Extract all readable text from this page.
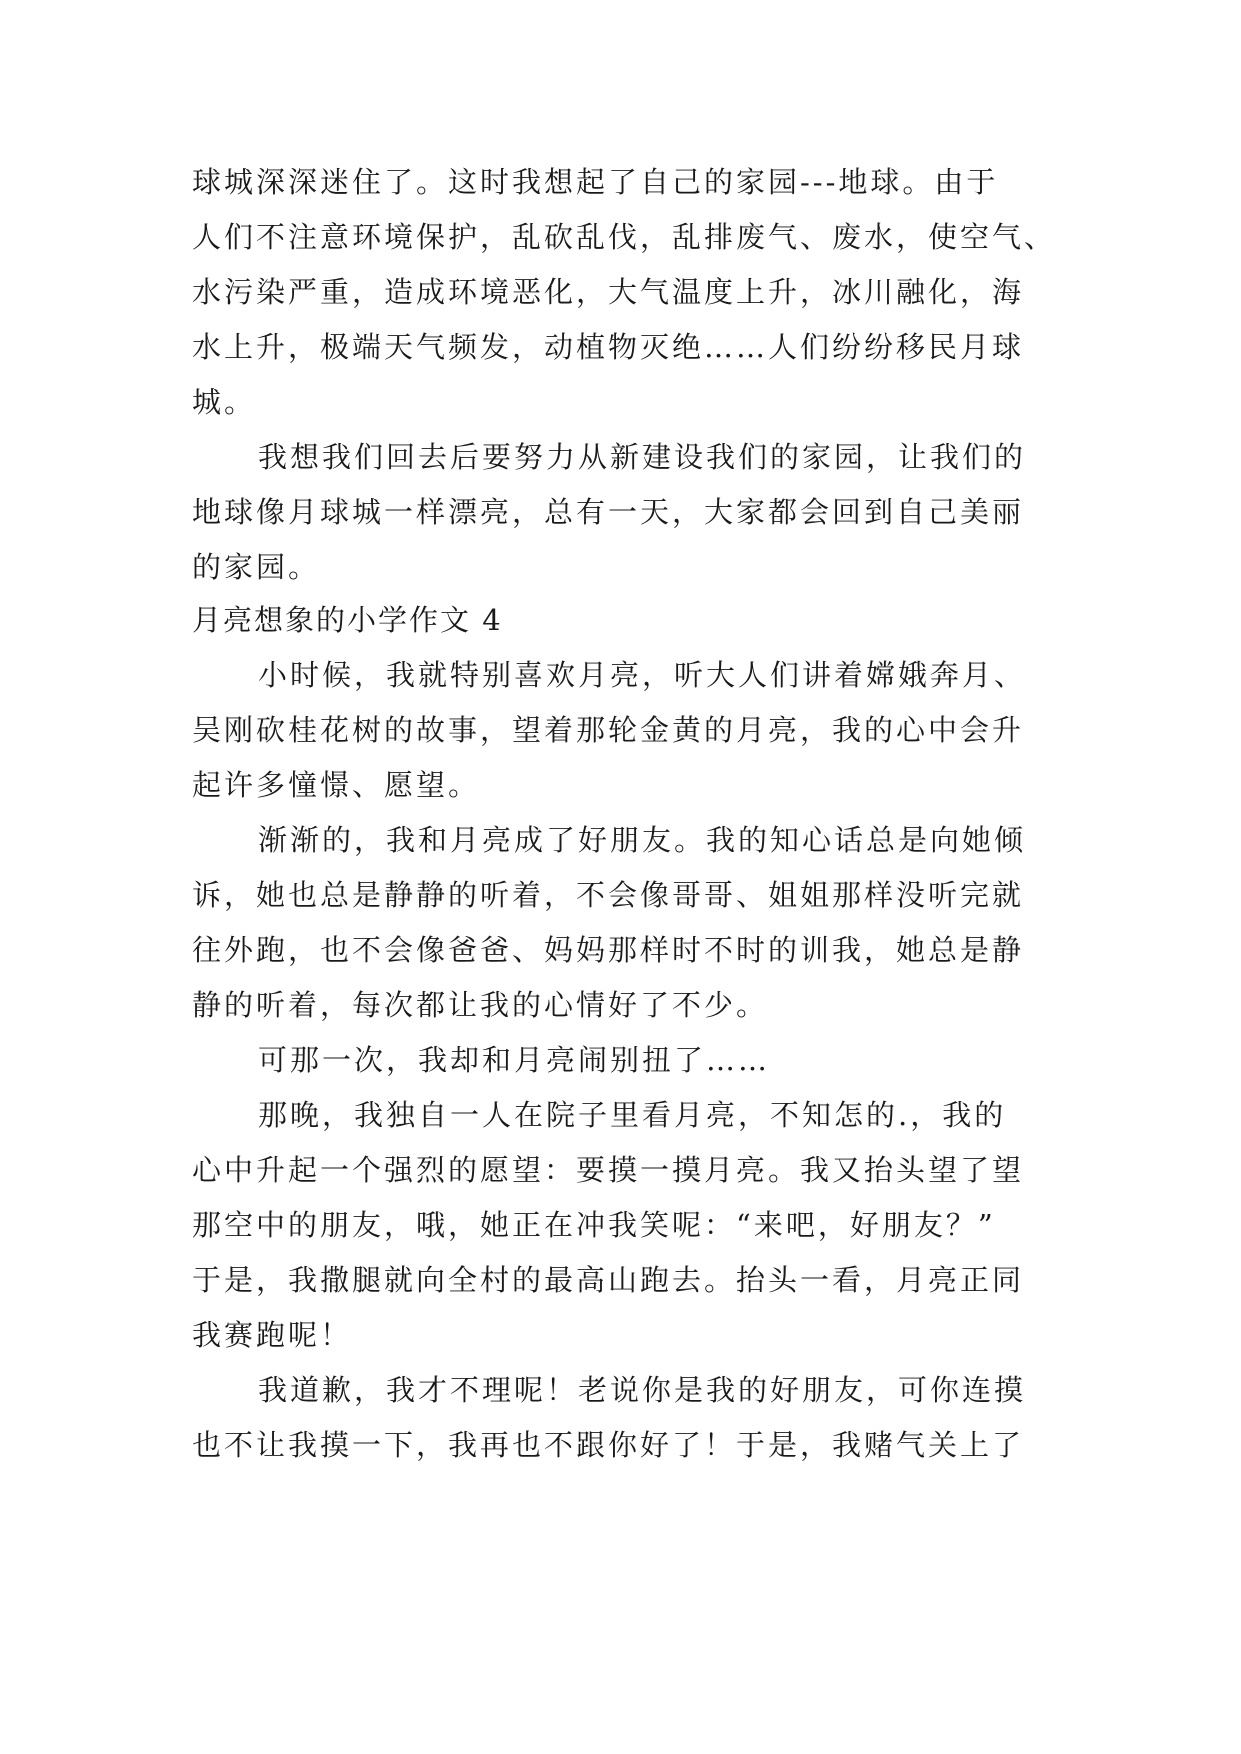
球城深深迷住了。这时我想起了自己的家园---地球。由于
人们不注意环境保护，乱砍乱伐，乱排废气、废水，使空气、
水污染严重，造成环境恶化，大气温度上升，冰川融化，海
水上升，极端天气频发，动植物灭绝……人们纷纷移民月球
城。
我想我们回去后要努力从新建设我们的家园，让我们的
地球像月球城一样漂亮，总有一天，大家都会回到自己美丽
的家园。
月亮想象的小学作文 4
小时候，我就特别喜欢月亮，听大人们讲着嫦娥奔月、
吴刚砍桂花树的故事，望着那轮金黄的月亮，我的心中会升
起许多憧憬、愿望。
渐渐的，我和月亮成了好朋友。我的知心话总是向她倾
诉，她也总是静静的听着，不会像哥哥、姐姐那样没听完就
往外跑，也不会像爸爸、妈妈那样时不时的训我，她总是静
静的听着，每次都让我的心情好了不少。
可那一次，我却和月亮闹别扭了……
那晚，我独自一人在院子里看月亮，不知怎的.，我的
心中升起一个强烈的愿望：要摸一摸月亮。我又抬头望了望
那空中的朋友，哦，她正在冲我笑呢：“来吧，好朋友？”
于是，我撒腿就向全村的最高山跑去。抬头一看，月亮正同
我赛跑呢！
我道歉，我才不理呢！老说你是我的好朋友，可你连摸
也不让我摸一下，我再也不跟你好了！于是，我赌气关上了
